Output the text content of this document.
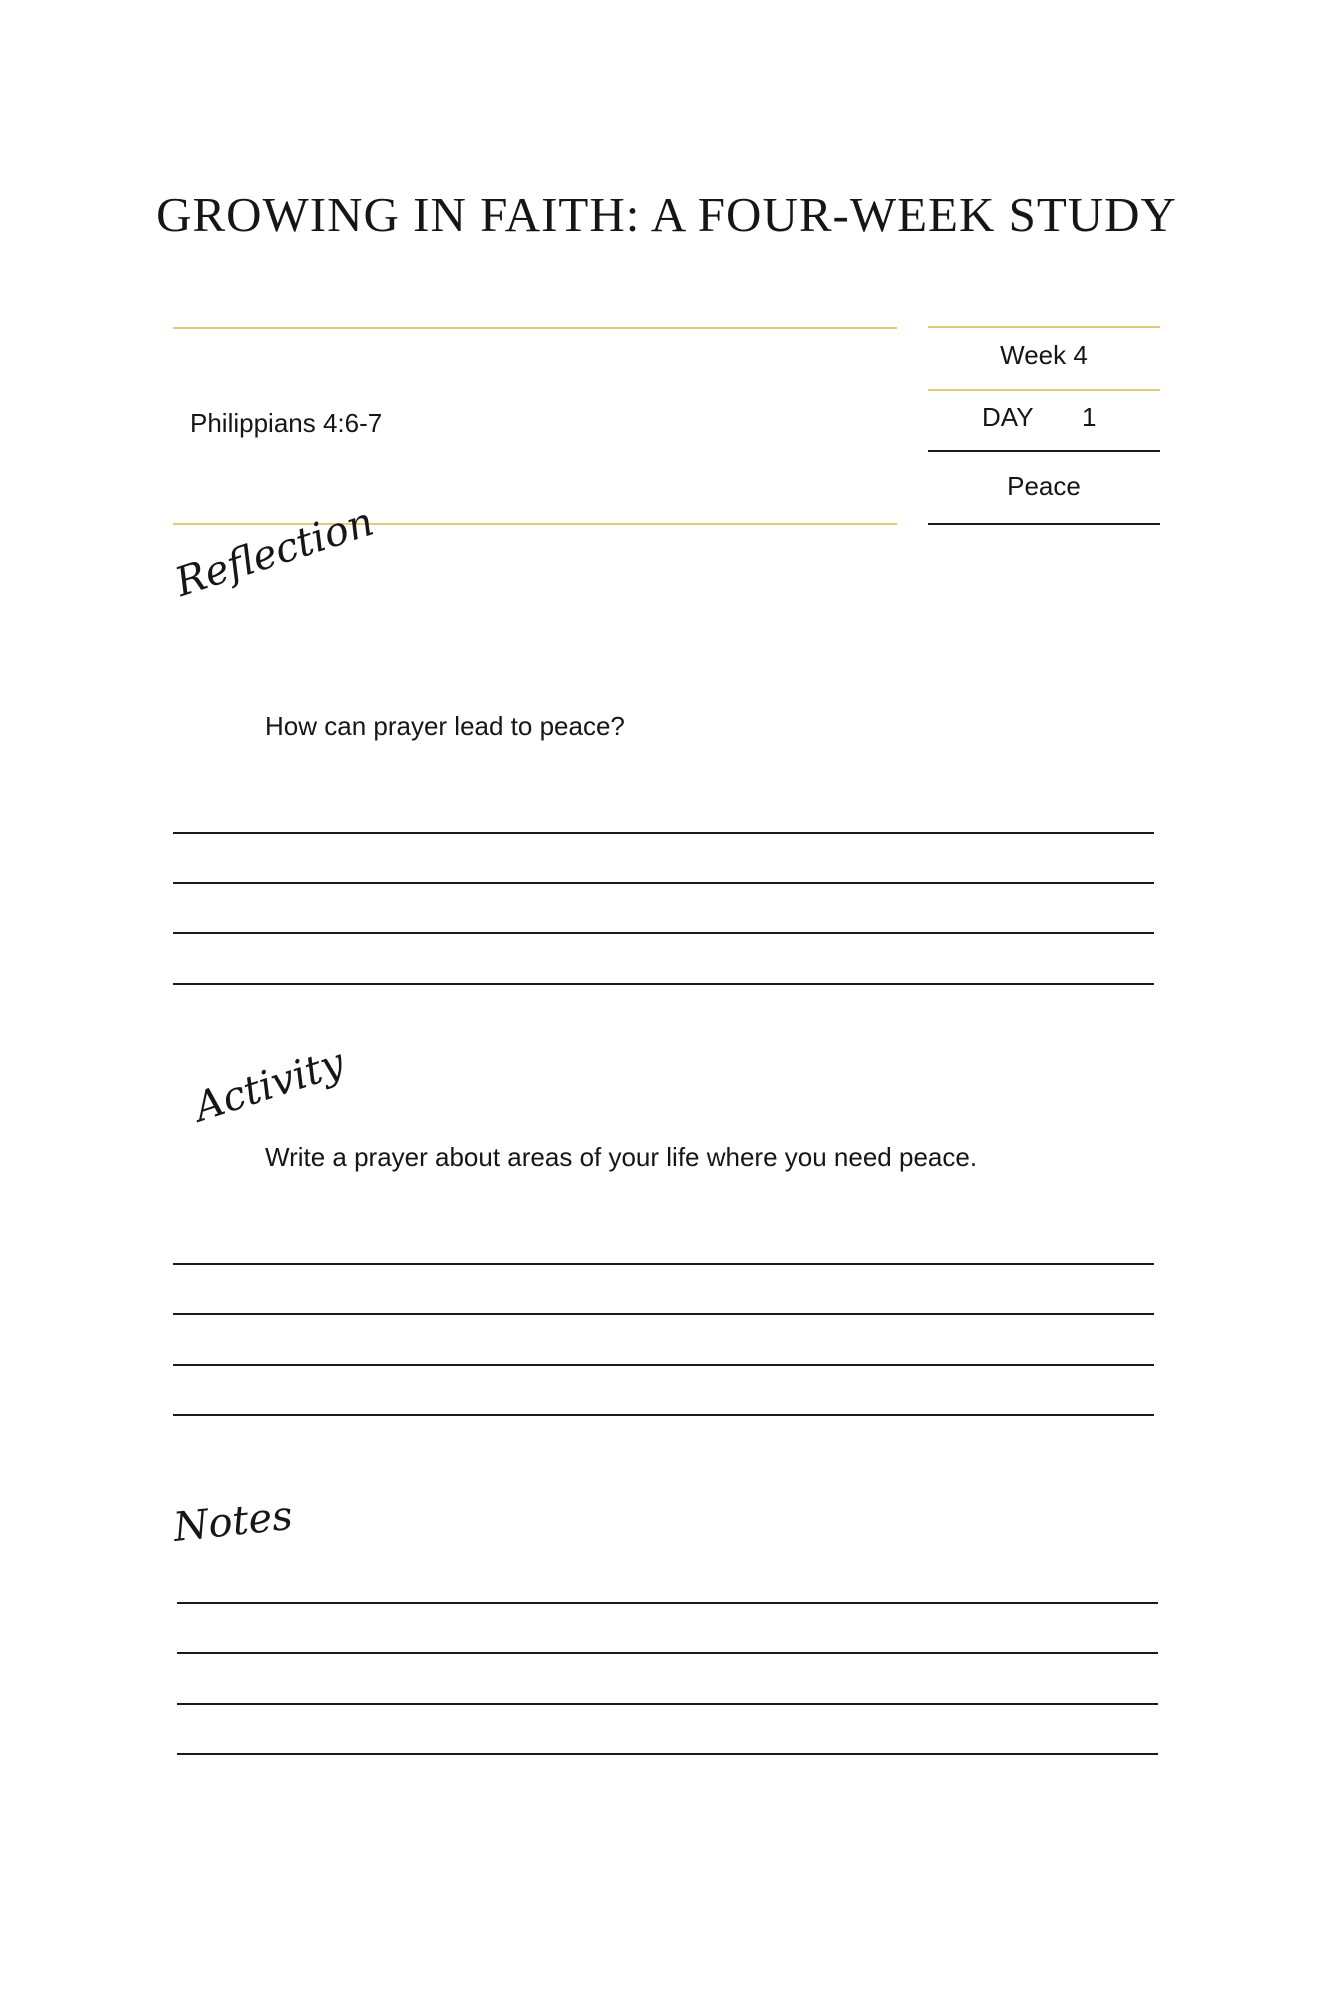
GROWING IN FAITH: A FOUR-WEEK STUDY
Philippians 4:6-7
Week 4
DAY 1
Peace
Reflection
How can prayer lead to peace?
Activity
Write a prayer about areas of your life where you need peace.
Notes
